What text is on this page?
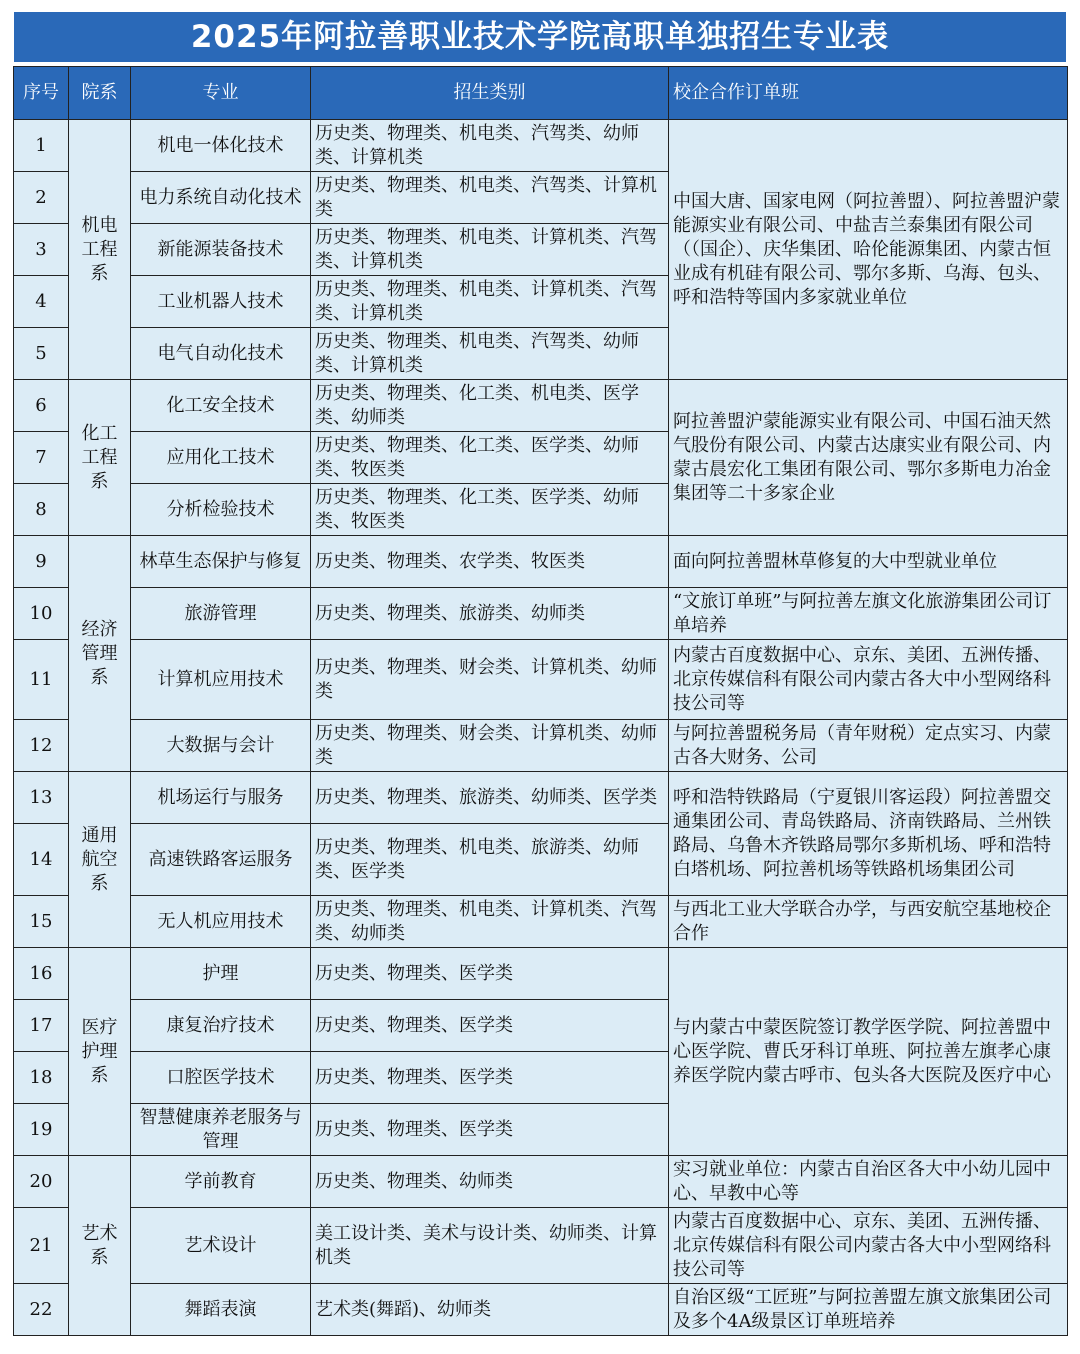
2025年阿拉善职业技术学院高职单独招生专业表
序号	院系	专业	招生类别	校企合作订单班
1	机电工程系	机电一体化技术	历史类、物理类、机电类、汽驾类、幼师类、计算机类	中国大唐、国家电网（阿拉善盟）、阿拉善盟沪蒙能源实业有限公司、中盐吉兰泰集团有限公司（（国企）、庆华集团、哈伦能源集团、内蒙古恒业成有机硅有限公司、鄂尔多斯、乌海、包头、呼和浩特等国内多家就业单位
2		电力系统自动化技术	历史类、物理类、机电类、汽驾类、计算机类	
3		新能源装备技术	历史类、物理类、机电类、计算机类、汽驾类、计算机类	
4		工业机器人技术	历史类、物理类、机电类、计算机类、汽驾类、计算机类	
5		电气自动化技术	历史类、物理类、机电类、汽驾类、幼师类、计算机类	
6	化工工程系	化工安全技术	历史类、物理类、化工类、机电类、医学类、幼师类	阿拉善盟沪蒙能源实业有限公司、中国石油天然气股份有限公司、内蒙古达康实业有限公司、内蒙古晨宏化工集团有限公司、鄂尔多斯电力冶金集团等二十多家企业
7		应用化工技术	历史类、物理类、化工类、医学类、幼师类、牧医类	
8		分析检验技术	历史类、物理类、化工类、医学类、幼师类、牧医类	
9	经济管理系	林草生态保护与修复	历史类、物理类、农学类、牧医类	面向阿拉善盟林草修复的大中型就业单位
10		旅游管理	历史类、物理类、旅游类、幼师类	“文旅订单班”与阿拉善左旗文化旅游集团公司订单培养
11		计算机应用技术	历史类、物理类、财会类、计算机类、幼师类	内蒙古百度数据中心、京东、美团、五洲传播、北京传媒信科有限公司内蒙古各大中小型网络科技公司等
12		大数据与会计	历史类、物理类、财会类、计算机类、幼师类	与阿拉善盟税务局（青年财税）定点实习、内蒙古各大财务、公司
13	通用航空系	机场运行与服务	历史类、物理类、旅游类、幼师类、医学类	呼和浩特铁路局（宁夏银川客运段）阿拉善盟交通集团公司、青岛铁路局、济南铁路局、兰州铁路局、乌鲁木齐铁路局鄂尔多斯机场、呼和浩特白塔机场、阿拉善机场等铁路机场集团公司
14		高速铁路客运服务	历史类、物理类、机电类、旅游类、幼师类、医学类	
15		无人机应用技术	历史类、物理类、机电类、计算机类、汽驾类、幼师类	与西北工业大学联合办学，与西安航空基地校企合作
16	医疗护理系	护理	历史类、物理类、医学类	与内蒙古中蒙医院签订教学医学院、阿拉善盟中心医学院、曹氏牙科订单班、阿拉善左旗孝心康养医学院内蒙古呼市、包头各大医院及医疗中心
17		康复治疗技术	历史类、物理类、医学类	
18		口腔医学技术	历史类、物理类、医学类	
19		智慧健康养老服务与管理	历史类、物理类、医学类	
20	艺术系	学前教育	历史类、物理类、幼师类	实习就业单位：内蒙古自治区各大中小幼儿园中心、早教中心等
21		艺术设计	美工设计类、美术与设计类、幼师类、计算机类	内蒙古百度数据中心、京东、美团、五洲传播、北京传媒信科有限公司内蒙古各大中小型网络科技公司等
22		舞蹈表演	艺术类(舞蹈)、幼师类	自治区级“工匠班”与阿拉善盟左旗文旅集团公司及多个4A级景区订单班培养
